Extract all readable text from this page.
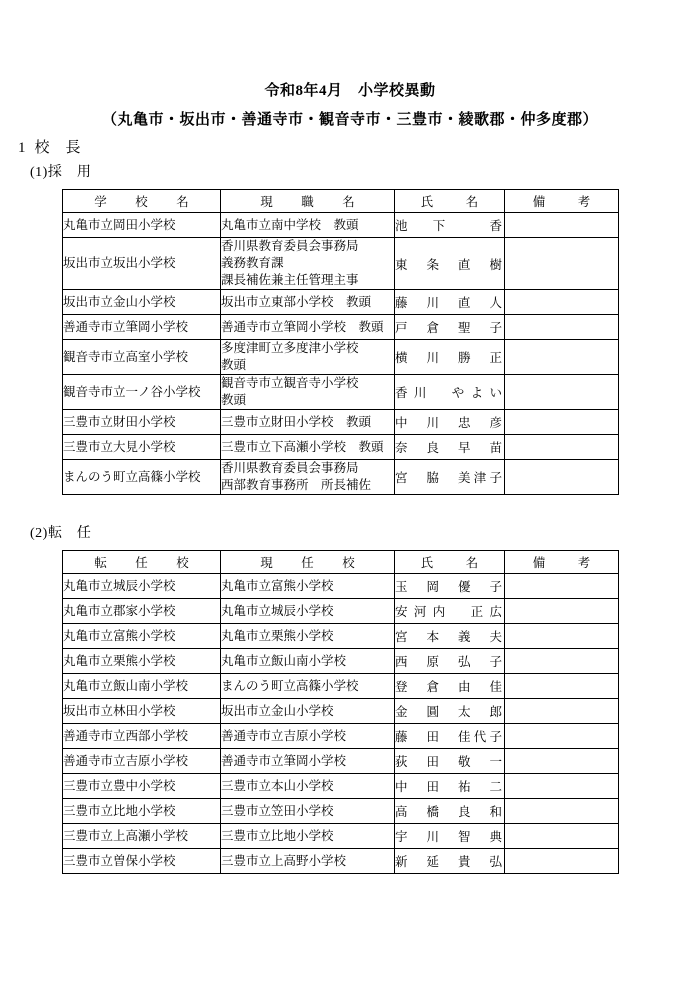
令和8年4月　小学校異動
（丸亀市・坂出市・善通寺市・観音寺市・三豊市・綾歌郡・仲多度郡）
1 校　長
(1)採　用
学　校　名	現　職　名	氏　名	備　考
丸亀市立岡田小学校	丸亀市立南中学校　教頭	池　下　　香	
坂出市立坂出小学校	香川県教育委員会事務局
義務教育課
課長補佐兼主任管理主事	東　条　直　樹	
坂出市立金山小学校	坂出市立東部小学校　教頭	藤　川　直　人	
善通寺市立筆岡小学校	善通寺市立筆岡小学校　教頭	戸　倉　聖　子	
観音寺市立高室小学校	多度津町立多度津小学校
教頭	横　川　勝　正	
観音寺市立一ノ谷小学校	観音寺市立観音寺小学校
教頭	香川　やよい	
三豊市立財田小学校	三豊市立財田小学校　教頭	中　川　忠　彦	
三豊市立大見小学校	三豊市立下高瀬小学校　教頭	奈　良　早　苗	
まんのう町立高篠小学校	香川県教育委員会事務局
西部教育事務所　所長補佐	宮　脇　美津子	
(2)転　任
転　任　校	現　任　校	氏　名	備　考
丸亀市立城辰小学校	丸亀市立富熊小学校	玉　岡　優　子	
丸亀市立郡家小学校	丸亀市立城辰小学校	安河内　正広	
丸亀市立富熊小学校	丸亀市立栗熊小学校	宮　本　義　夫	
丸亀市立栗熊小学校	丸亀市立飯山南小学校	西　原　弘　子	
丸亀市立飯山南小学校	まんのう町立高篠小学校	登　倉　由　佳	
坂出市立林田小学校	坂出市立金山小学校	金　圓　太　郎	
善通寺市立西部小学校	善通寺市立吉原小学校	藤　田　佳代子	
善通寺市立吉原小学校	善通寺市立筆岡小学校	荻　田　敬　一	
三豊市立豊中小学校	三豊市立本山小学校	中　田　祐　二	
三豊市立比地小学校	三豊市立笠田小学校	高　橋　良　和	
三豊市立上高瀬小学校	三豊市立比地小学校	宇　川　智　典	
三豊市立曽保小学校	三豊市立上高野小学校	新　延　貴　弘	
